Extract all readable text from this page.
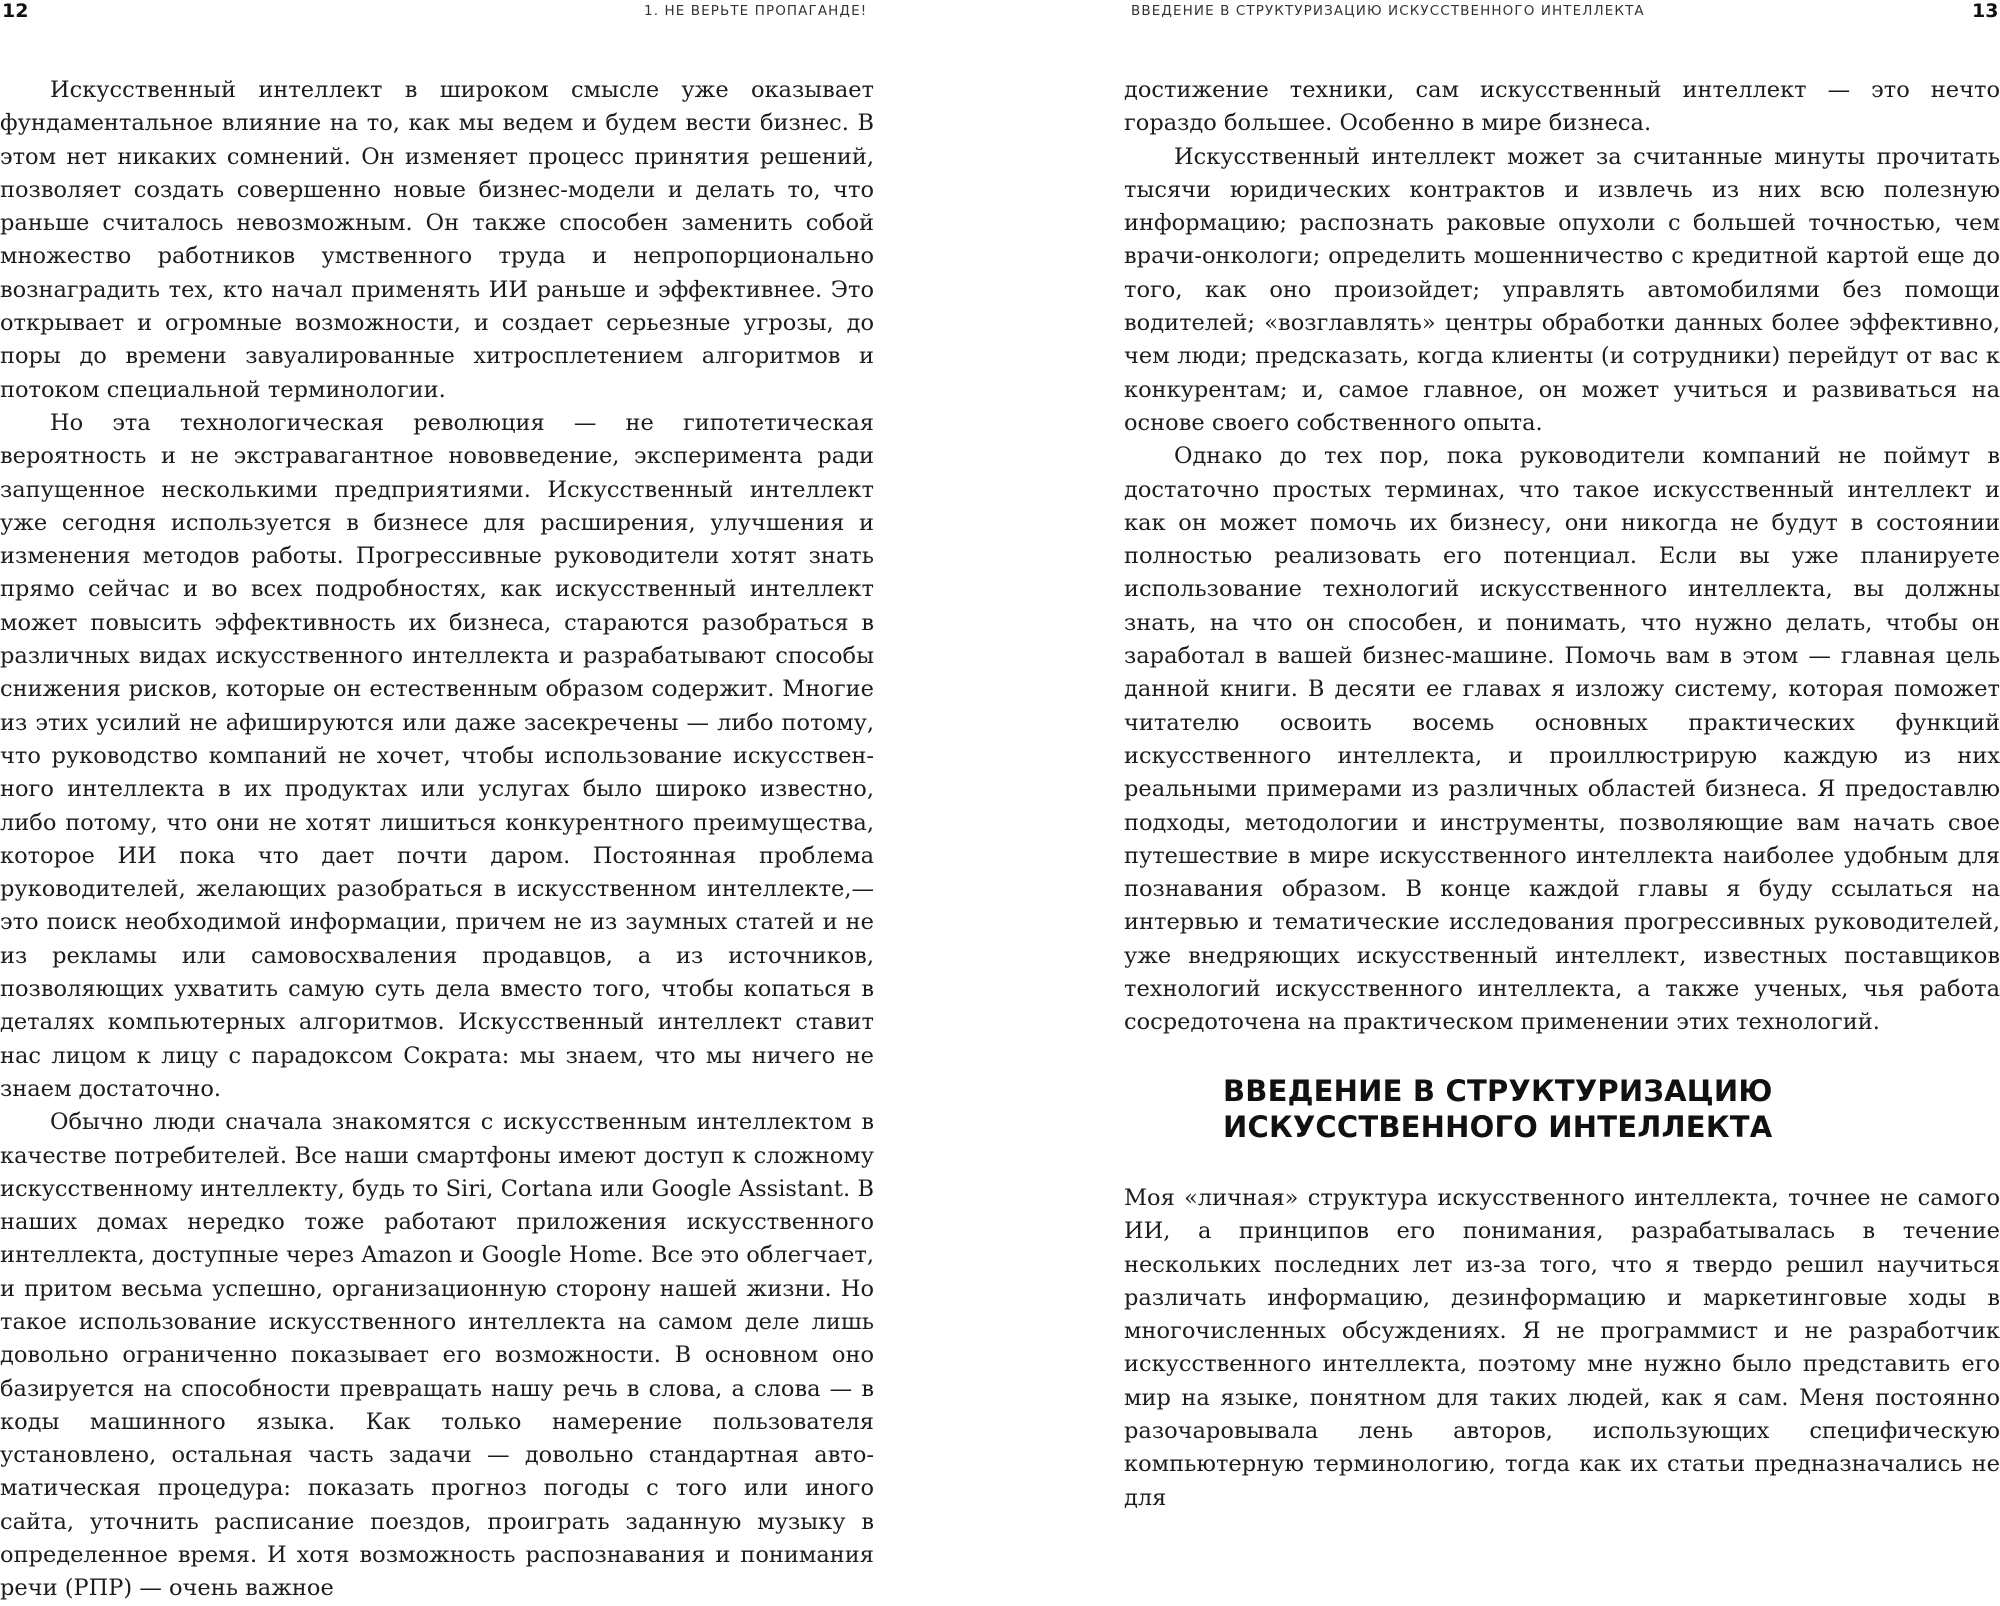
12	1. НЕ ВЕРЬТЕ ПРОПАГАНДЕ!

Искусственный интеллект в широком смысле уже оказывает фундаментальное влияние на то, как мы ведем и будем вести бизнес. В этом нет никаких сомнений. Он изменяет процесс принятия решений, позволяет создать совершенно новые бизнес-модели и делать то, что раньше считалось невозможным. Он также способен заменить собой множество работников умственного труда и непропорционально вознаградить тех, кто начал применять ИИ раньше и эффективнее. Это открывает и огромные возможности, и создает серьезные угрозы, до поры до времени завуалированные хитросплетением алгоритмов и потоком специальной терминологии.

Но эта технологическая революция — не гипотетическая вероятность и не экстравагантное нововведение, эксперимента ради запущенное несколькими предприятиями. Искусственный интеллект уже сегодня используется в бизнесе для расширения, улучшения и изменения методов работы. Прогрессивные руководители хотят знать прямо сейчас и во всех подробностях, как искусственный интеллект может повысить эффективность их бизнеса, стараются разобраться в различных видах искусственного интеллекта и разрабатывают способы снижения рисков, которые он естественным образом содержит. Многие из этих усилий не афишируются или даже засекречены — либо потому, что руководство компаний не хочет, чтобы использование искусственного интеллекта в их продуктах или услугах было широко известно, либо потому, что они не хотят лишиться конкурентного преимущества, которое ИИ пока что дает почти даром. Постоянная проблема руководителей, желающих разобраться в искусственном интеллекте,— это поиск необходимой информации, причем не из заумных статей и не из рекламы или самовосхваления продавцов, а из источников, позволяющих ухватить самую суть дела вместо того, чтобы копаться в деталях компьютерных алгоритмов. Искусственный интеллект ставит нас лицом к лицу с парадоксом Сократа: мы знаем, что мы ничего не знаем достаточно.

Обычно люди сначала знакомятся с искусственным интеллектом в качестве потребителей. Все наши смартфоны имеют доступ к сложному искусственному интеллекту, будь то Siri, Cortana или Google Assistant. В наших домах нередко тоже работают приложения искусственного интеллекта, доступные через Amazon и Google Home. Все это облегчает, и притом весьма успешно, организационную сторону нашей жизни. Но такое использование искусственного интеллекта на самом деле лишь довольно ограниченно показывает его возможности. В основном оно базируется на способности превращать нашу речь в слова, а слова — в коды машинного языка. Как только намерение пользователя установлено, остальная часть задачи — довольно стандартная автоматическая процедура: показать прогноз погоды с того или иного сайта, уточнить расписание поездов, проиграть заданную музыку в определенное время. И хотя возможность распознавания и понимания речи (РПР) — очень важное

ВВЕДЕНИЕ В СТРУКТУРИЗАЦИЮ ИСКУССТВЕННОГО ИНТЕЛЛЕКТА	13

достижение техники, сам искусственный интеллект — это нечто гораздо большее. Особенно в мире бизнеса.

Искусственный интеллект может за считанные минуты прочитать тысячи юридических контрактов и извлечь из них всю полезную информацию; распознать раковые опухоли с большей точностью, чем врачи-онкологи; определить мошенничество с кредитной картой еще до того, как оно произойдет; управлять автомобилями без помощи водителей; «возглавлять» центры обработки данных более эффективно, чем люди; предсказать, когда клиенты (и сотрудники) перейдут от вас к конкурентам; и, самое главное, он может учиться и развиваться на основе своего собственного опыта.

Однако до тех пор, пока руководители компаний не поймут в достаточно простых терминах, что такое искусственный интеллект и как он может помочь их бизнесу, они никогда не будут в состоянии полностью реализовать его потенциал. Если вы уже планируете использование технологий искусственного интеллекта, вы должны знать, на что он способен, и понимать, что нужно делать, чтобы он заработал в вашей бизнес-машине. Помочь вам в этом — главная цель данной книги. В десяти ее главах я изложу систему, которая поможет читателю освоить восемь основных практических функций искусственного интеллекта, и проиллюстрирую каждую из них реальными примерами из различных областей бизнеса. Я предоставлю подходы, методологии и инструменты, позволяющие вам начать свое путешествие в мире искусственного интеллекта наиболее удобным для познавания образом. В конце каждой главы я буду ссылаться на интервью и тематические исследования прогрессивных руководителей, уже внедряющих искусственный интеллект, известных поставщиков технологий искусственного интеллекта, а также ученых, чья работа сосредоточена на практическом применении этих технологий.

ВВЕДЕНИЕ В СТРУКТУРИЗАЦИЮ
ИСКУССТВЕННОГО ИНТЕЛЛЕКТА

Моя «личная» структура искусственного интеллекта, точнее не самого ИИ, а принципов его понимания, разрабатывалась в течение нескольких последних лет из-за того, что я твердо решил научиться различать информацию, дезинформацию и маркетинговые ходы в многочисленных обсуждениях. Я не программист и не разработчик искусственного интеллекта, поэтому мне нужно было представить его мир на языке, понятном для таких людей, как я сам. Меня постоянно разочаровывала лень авторов, использующих специфическую компьютерную терминологию, тогда как их статьи предназначались не для
